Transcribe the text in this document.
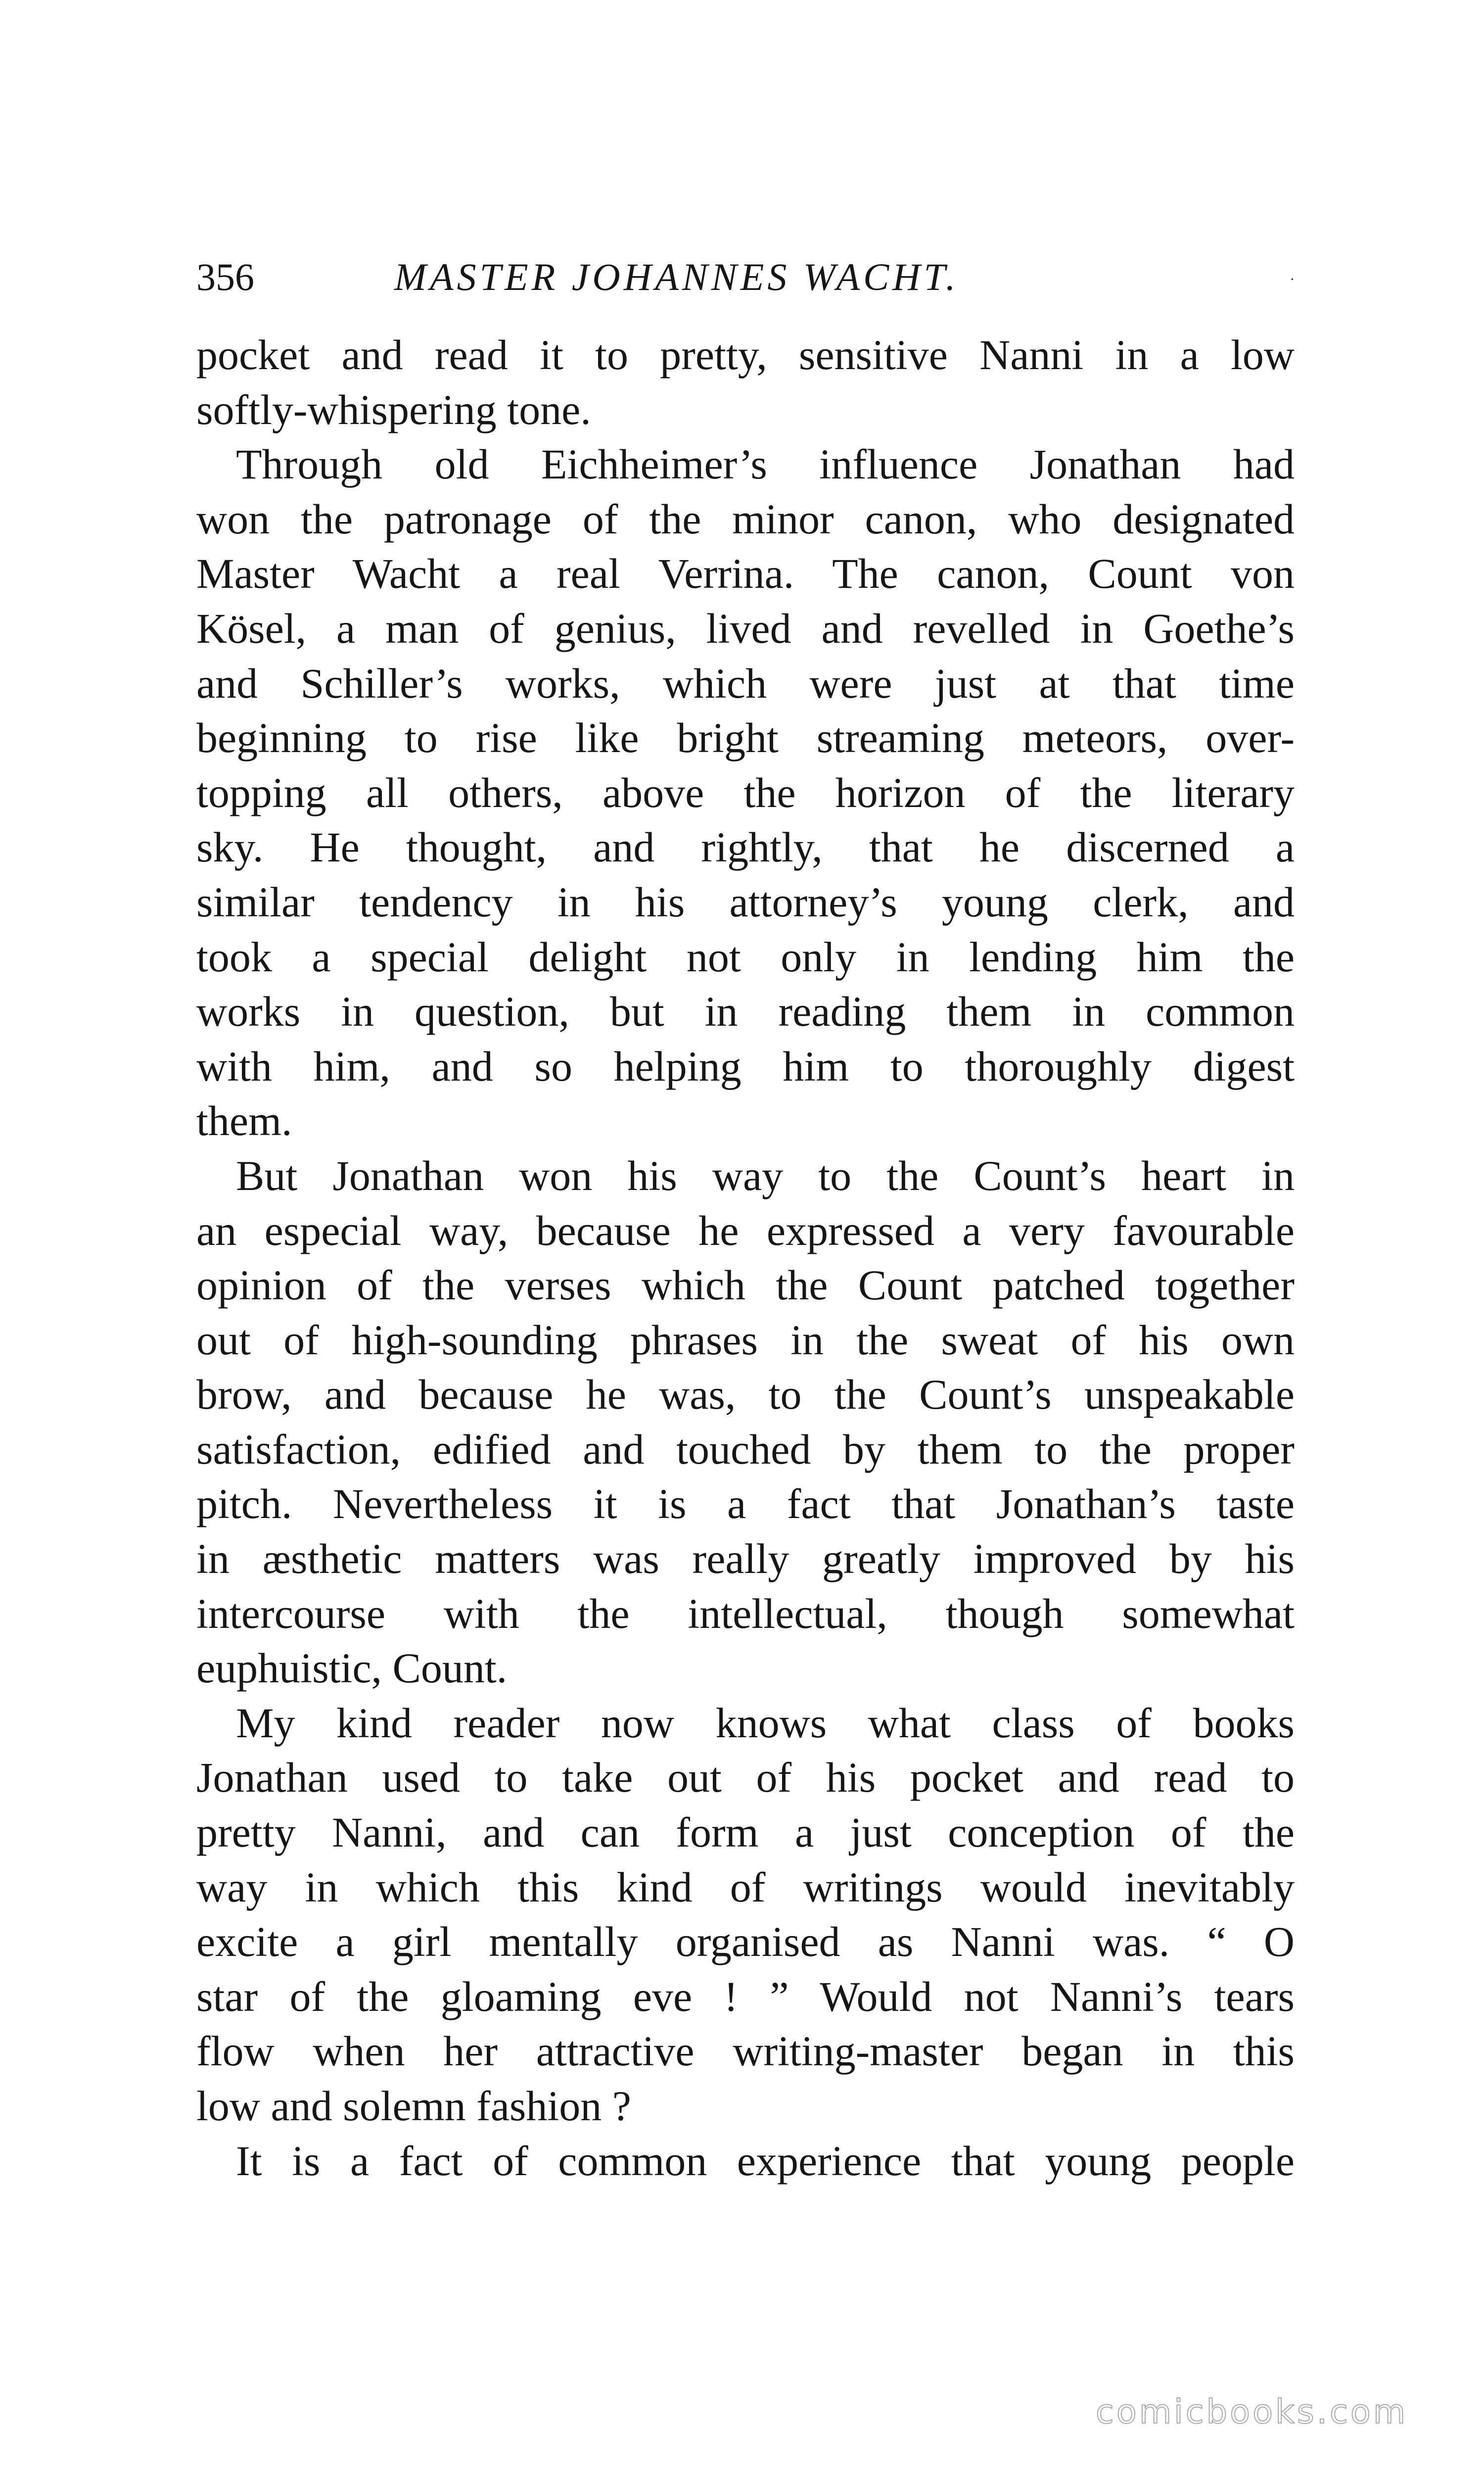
356	MASTER JOHANNES WACHT.	·
pocket and read it to pretty, sensitive Nanni in a low
softly-whispering tone.
Through old Eichheimer’s influence Jonathan had
won the patronage of the minor canon, who designated
Master Wacht a real Verrina. The canon, Count von
Kösel, a man of genius, lived and revelled in Goethe’s
and Schiller’s works, which were just at that time
beginning to rise like bright streaming meteors, over-
topping all others, above the horizon of the literary
sky. He thought, and rightly, that he discerned a
similar tendency in his attorney’s young clerk, and
took a special delight not only in lending him the
works in question, but in reading them in common
with him, and so helping him to thoroughly digest
them.
But Jonathan won his way to the Count’s heart in
an especial way, because he expressed a very favourable
opinion of the verses which the Count patched together
out of high-sounding phrases in the sweat of his own
brow, and because he was, to the Count’s unspeakable
satisfaction, edified and touched by them to the proper
pitch. Nevertheless it is a fact that Jonathan’s taste
in æsthetic matters was really greatly improved by his
intercourse with the intellectual, though somewhat
euphuistic, Count.
My kind reader now knows what class of books
Jonathan used to take out of his pocket and read to
pretty Nanni, and can form a just conception of the
way in which this kind of writings would inevitably
excite a girl mentally organised as Nanni was. “ O
star of the gloaming eve ! ” Would not Nanni’s tears
flow when her attractive writing-master began in this
low and solemn fashion ?
It is a fact of common experience that young people
comicbooks.com
